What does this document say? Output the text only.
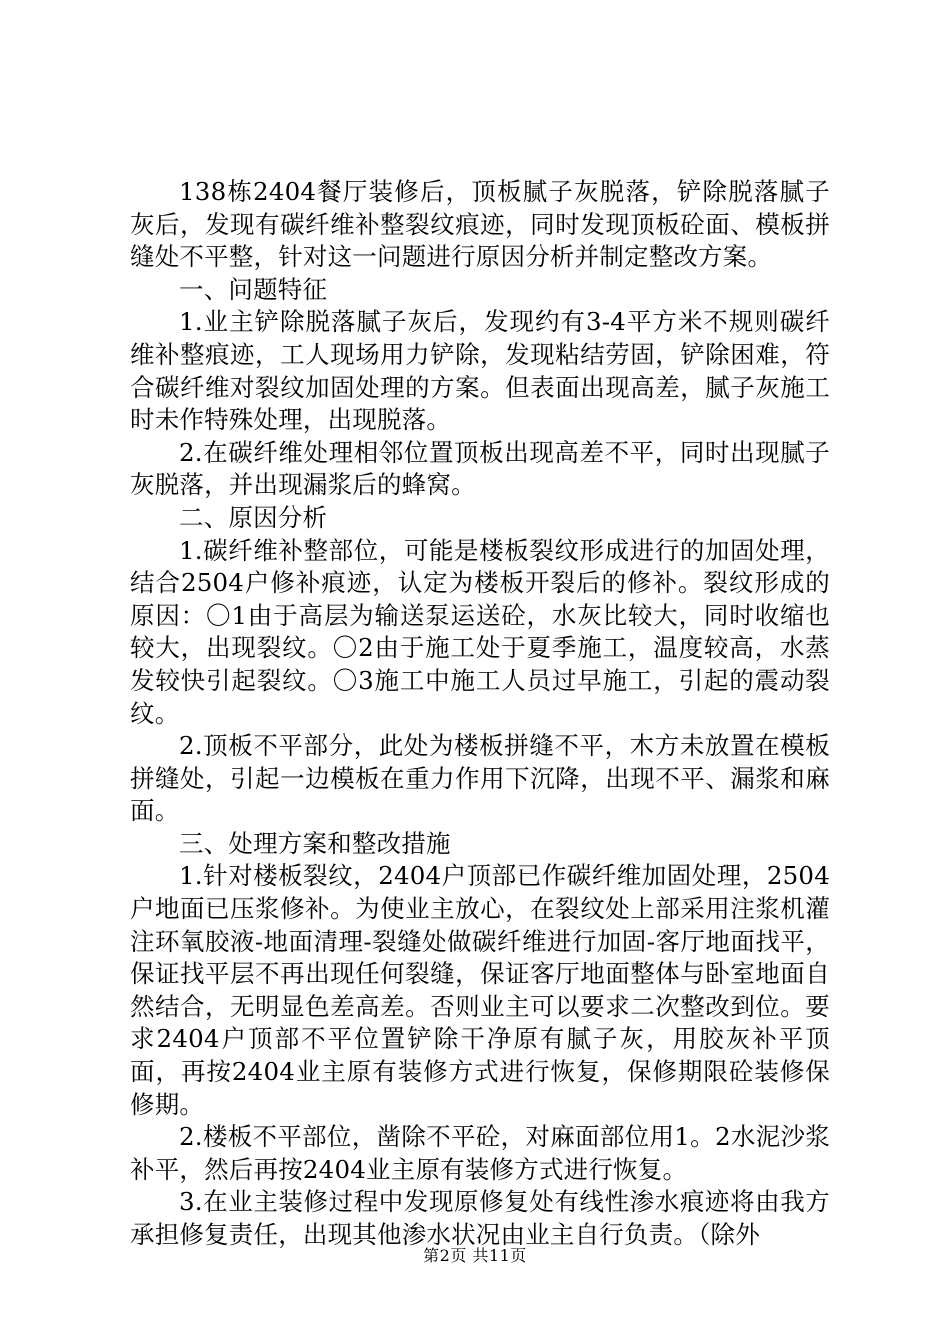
138栋2404餐厅装修后，顶板腻子灰脱落，铲除脱落腻子灰后，发现有碳纤维补整裂纹痕迹，同时发现顶板砼面、模板拼缝处不平整，针对这一问题进行原因分析并制定整改方案。

一、问题特征

1.业主铲除脱落腻子灰后，发现约有3-4平方米不规则碳纤维补整痕迹，工人现场用力铲除，发现粘结劳固，铲除困难，符合碳纤维对裂纹加固处理的方案。但表面出现高差，腻子灰施工时未作特殊处理，出现脱落。

2.在碳纤维处理相邻位置顶板出现高差不平，同时出现腻子灰脱落，并出现漏浆后的蜂窝。

二、原因分析

1.碳纤维补整部位，可能是楼板裂纹形成进行的加固处理，结合2504户修补痕迹，认定为楼板开裂后的修补。裂纹形成的原因：〇1由于高层为输送泵运送砼，水灰比较大，同时收缩也较大，出现裂纹。〇2由于施工处于夏季施工，温度较高，水蒸发较快引起裂纹。〇3施工中施工人员过早施工，引起的震动裂纹。

2.顶板不平部分，此处为楼板拼缝不平，木方未放置在模板拼缝处，引起一边模板在重力作用下沉降，出现不平、漏浆和麻面。

三、处理方案和整改措施

1.针对楼板裂纹，2404户顶部已作碳纤维加固处理，2504户地面已压浆修补。为使业主放心，在裂纹处上部采用注浆机灌注环氧胶液-地面清理-裂缝处做碳纤维进行加固-客厅地面找平，保证找平层不再出现任何裂缝，保证客厅地面整体与卧室地面自然结合，无明显色差高差。否则业主可以要求二次整改到位。要求2404户顶部不平位置铲除干净原有腻子灰，用胶灰补平顶面，再按2404业主原有装修方式进行恢复，保修期限砼装修保修期。

2.楼板不平部位，凿除不平砼，对麻面部位用1。2水泥沙浆补平，然后再按2404业主原有装修方式进行恢复。

3.在业主装修过程中发现原修复处有线性渗水痕迹将由我方承担修复责任，出现其他渗水状况由业主自行负责。（除外

第2页 共11页
